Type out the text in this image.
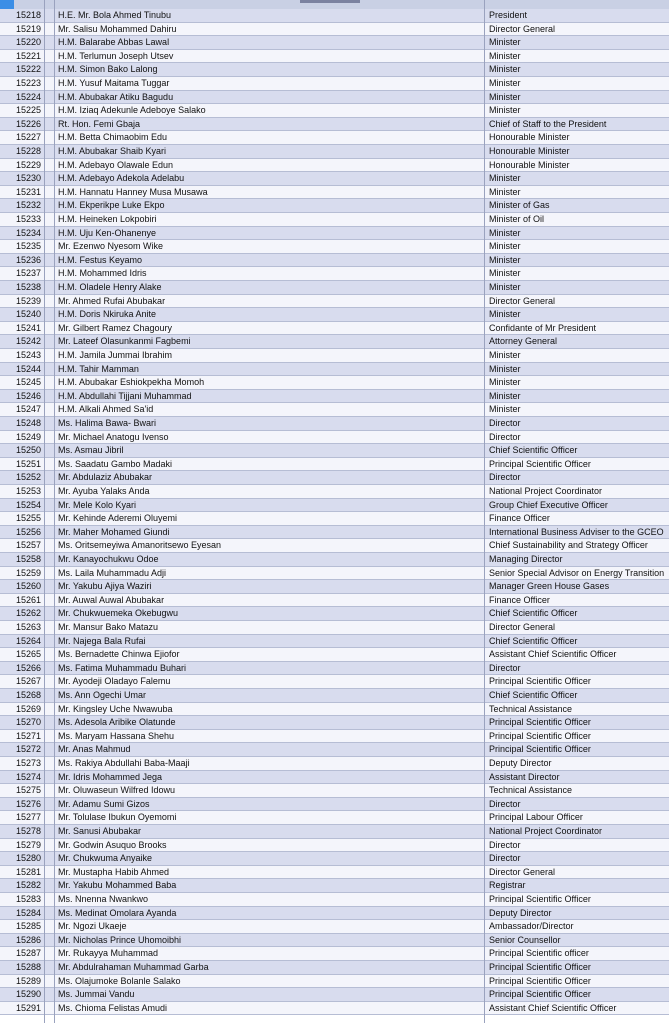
15218	H.E. Mr. Bola Ahmed Tinubu	President
15219	Mr. Salisu Mohammed Dahiru	Director General
15220	H.M. Balarabe Abbas Lawal	Minister
15221	H.M. Terlumun Joseph Utsev	Minister
15222	H.M. Simon Bako Lalong	Minister
15223	H.M. Yusuf Maitama Tuggar	Minister
15224	H.M. Abubakar Atiku Bagudu	Minister
15225	H.M. Iziaq Adekunle Adeboye Salako	Minister
15226	Rt. Hon. Femi Gbaja	Chief of Staff to the President
15227	H.M. Betta Chimaobim Edu	Honourable Minister
15228	H.M. Abubakar Shaib Kyari	Honourable Minister
15229	H.M. Adebayo Olawale Edun	Honourable Minister
15230	H.M. Adebayo Adekola Adelabu	Minister
15231	H.M. Hannatu Hanney Musa Musawa	Minister
15232	H.M. Ekperikpe Luke Ekpo	Minister of Gas
15233	H.M. Heineken Lokpobiri	Minister of Oil
15234	H.M. Uju Ken-Ohanenye	Minister
15235	Mr. Ezenwo Nyesom Wike	Minister
15236	H.M. Festus Keyamo	Minister
15237	H.M. Mohammed Idris	Minister
15238	H.M. Oladele Henry Alake	Minister
15239	Mr. Ahmed Rufai Abubakar	Director General
15240	H.M. Doris Nkiruka Anite	Minister
15241	Mr. Gilbert Ramez Chagoury	Confidante of Mr President
15242	Mr. Lateef Olasunkanmi Fagbemi	Attorney General
15243	H.M. Jamila Jummai Ibrahim	Minister
15244	H.M. Tahir Mamman	Minister
15245	H.M. Abubakar Eshiokpekha Momoh	Minister
15246	H.M. Abdullahi Tijjani Muhammad	Minister
15247	H.M. Alkali Ahmed Sa'id	Minister
15248	Ms. Halima Bawa- Bwari	Director
15249	Mr. Michael Anatogu Ivenso	Director
15250	Ms. Asmau Jibril	Chief Scientific Officer
15251	Ms. Saadatu Gambo Madaki	Principal Scientific Officer
15252	Mr. Abdulaziz Abubakar	Director
15253	Mr. Ayuba Yalaks Anda	National Project Coordinator
15254	Mr. Mele Kolo Kyari	Group Chief Executive Officer
15255	Mr. Kehinde Aderemi Oluyemi	Finance Officer
15256	Mr. Maher Mohamed Giundi	International Business Adviser to the GCEO
15257	Ms. Oritsemeyiwa Amanoritsewo Eyesan	Chief Sustainability and Strategy Officer
15258	Mr. Kanayochukwu Odoe	Managing Director
15259	Ms. Laila Muhammadu Adji	Senior Special Advisor on Energy Transition
15260	Mr. Yakubu Ajiya Waziri	Manager Green House Gases
15261	Mr. Auwal Auwal Abubakar	Finance Officer
15262	Mr. Chukwuemeka Okebugwu	Chief Scientific Officer
15263	Mr. Mansur Bako Matazu	Director General
15264	Mr. Najega Bala Rufai	Chief Scientific Officer
15265	Ms. Bernadette Chinwa Ejiofor	Assistant Chief Scientific Officer
15266	Ms. Fatima Muhammadu Buhari	Director
15267	Mr. Ayodeji Oladayo Falemu	Principal Scientific Officer
15268	Ms. Ann Ogechi Umar	Chief Scientific Officer
15269	Mr. Kingsley Uche Nwawuba	Technical Assistance
15270	Ms. Adesola Aribike Olatunde	Principal Scientific Officer
15271	Ms. Maryam Hassana Shehu	Principal Scientific Officer
15272	Mr. Anas Mahmud	Principal Scientific Officer
15273	Ms. Rakiya Abdullahi Baba-Maaji	Deputy Director
15274	Mr. Idris Mohammed Jega	Assistant Director
15275	Mr. Oluwaseun Wilfred Idowu	Technical Assistance
15276	Mr. Adamu Sumi Gizos	Director
15277	Mr. Tolulase Ibukun Oyemomi	Principal Labour Officer
15278	Mr. Sanusi Abubakar	National Project Coordinator
15279	Mr. Godwin Asuquo Brooks	Director
15280	Mr. Chukwuma Anyaike	Director
15281	Mr. Mustapha Habib Ahmed	Director General
15282	Mr. Yakubu Mohammed Baba	Registrar
15283	Ms. Nnenna Nwankwo	Principal Scientific Officer
15284	Ms. Medinat Omolara Ayanda	Deputy Director
15285	Mr. Ngozi Ukaeje	Ambassador/Director
15286	Mr. Nicholas Prince Uhomoibhi	Senior Counsellor
15287	Mr. Rukayya Muhammad	Principal Scientific officer
15288	Mr. Abdulrahaman Muhammad Garba	Principal Scientific Officer
15289	Ms. Olajumoke Bolanle Salako	Principal Scientific Officer
15290	Ms. Jummai Vandu	Principal Scientific Officer
15291	Ms. Chioma Felistas Amudi	Assistant Chief Scientific Officer
